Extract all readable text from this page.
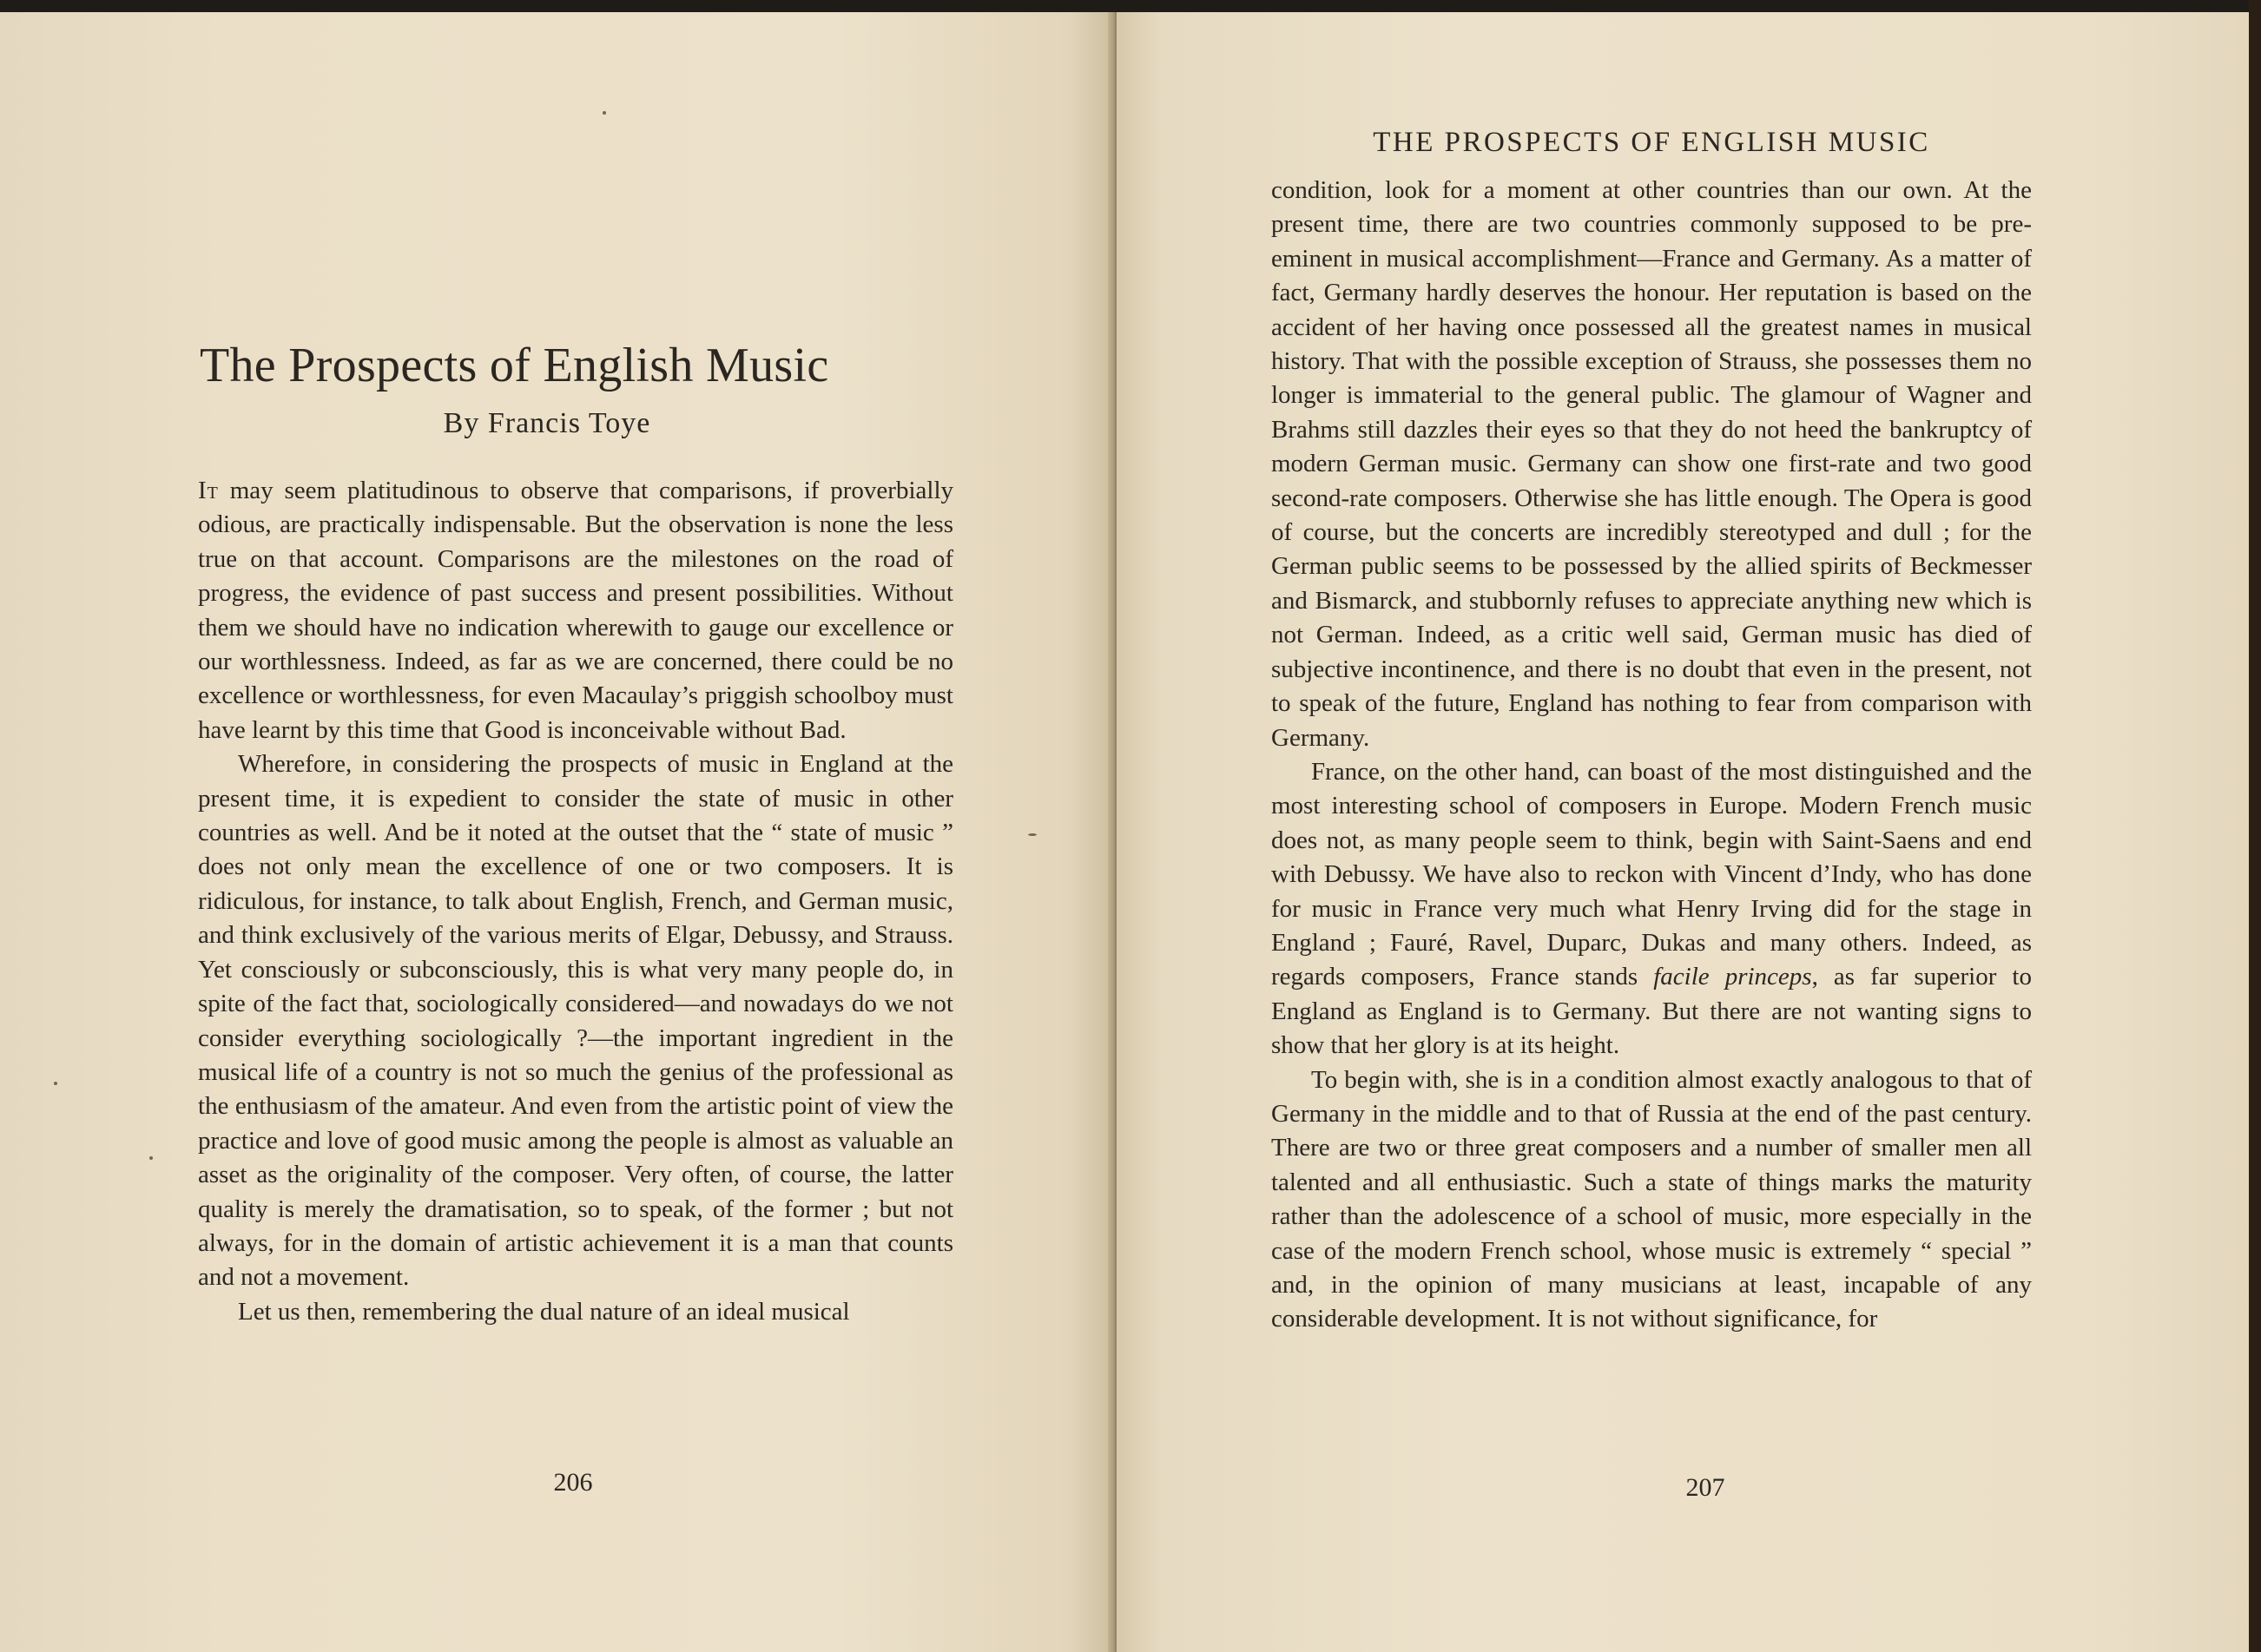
The Prospects of English Music
By Francis Toye

It may seem platitudinous to observe that comparisons, if proverbially odious, are practically indispensable. But the observation is none the less true on that account. Comparisons are the milestones on the road of progress, the evidence of past success and present possibilities. Without them we should have no indication wherewith to gauge our excellence or our worthlessness. Indeed, as far as we are concerned, there could be no excellence or worthlessness, for even Macaulay’s priggish schoolboy must have learnt by this time that Good is inconceivable without Bad.

Wherefore, in considering the prospects of music in England at the present time, it is expedient to consider the state of music in other countries as well. And be it noted at the outset that the “ state of music ” does not only mean the excellence of one or two composers. It is ridiculous, for instance, to talk about English, French, and German music, and think exclusively of the various merits of Elgar, Debussy, and Strauss. Yet consciously or subconsciously, this is what very many people do, in spite of the fact that, sociologically considered—and nowadays do we not consider everything sociologically ?—the important ingredient in the musical life of a country is not so much the genius of the professional as the enthusiasm of the amateur. And even from the artistic point of view the practice and love of good music among the people is almost as valuable an asset as the originality of the composer. Very often, of course, the latter quality is merely the dramatisation, so to speak, of the former ; but not always, for in the domain of artistic achievement it is a man that counts and not a movement.

Let us then, remembering the dual nature of an ideal musical

206
THE PROSPECTS OF ENGLISH MUSIC

condition, look for a moment at other countries than our own. At the present time, there are two countries commonly supposed to be pre-eminent in musical accomplishment—France and Germany. As a matter of fact, Germany hardly deserves the honour. Her reputation is based on the accident of her having once possessed all the greatest names in musical history. That with the possible exception of Strauss, she possesses them no longer is immaterial to the general public. The glamour of Wagner and Brahms still dazzles their eyes so that they do not heed the bankruptcy of modern German music. Germany can show one first-rate and two good second-rate composers. Otherwise she has little enough. The Opera is good of course, but the concerts are incredibly stereotyped and dull ; for the German public seems to be possessed by the allied spirits of Beckmesser and Bismarck, and stubbornly refuses to appreciate anything new which is not German. Indeed, as a critic well said, German music has died of subjective incontinence, and there is no doubt that even in the present, not to speak of the future, England has nothing to fear from comparison with Germany.

France, on the other hand, can boast of the most distinguished and the most interesting school of composers in Europe. Modern French music does not, as many people seem to think, begin with Saint-Saens and end with Debussy. We have also to reckon with Vincent d’Indy, who has done for music in France very much what Henry Irving did for the stage in England ; Fauré, Ravel, Duparc, Dukas and many others. Indeed, as regards composers, France stands facile princeps, as far superior to England as England is to Germany. But there are not wanting signs to show that her glory is at its height.

To begin with, she is in a condition almost exactly analogous to that of Germany in the middle and to that of Russia at the end of the past century. There are two or three great composers and a number of smaller men all talented and all enthusiastic. Such a state of things marks the maturity rather than the adolescence of a school of music, more especially in the case of the modern French school, whose music is extremely “ special ” and, in the opinion of many musicians at least, incapable of any considerable development. It is not without significance, for

207
